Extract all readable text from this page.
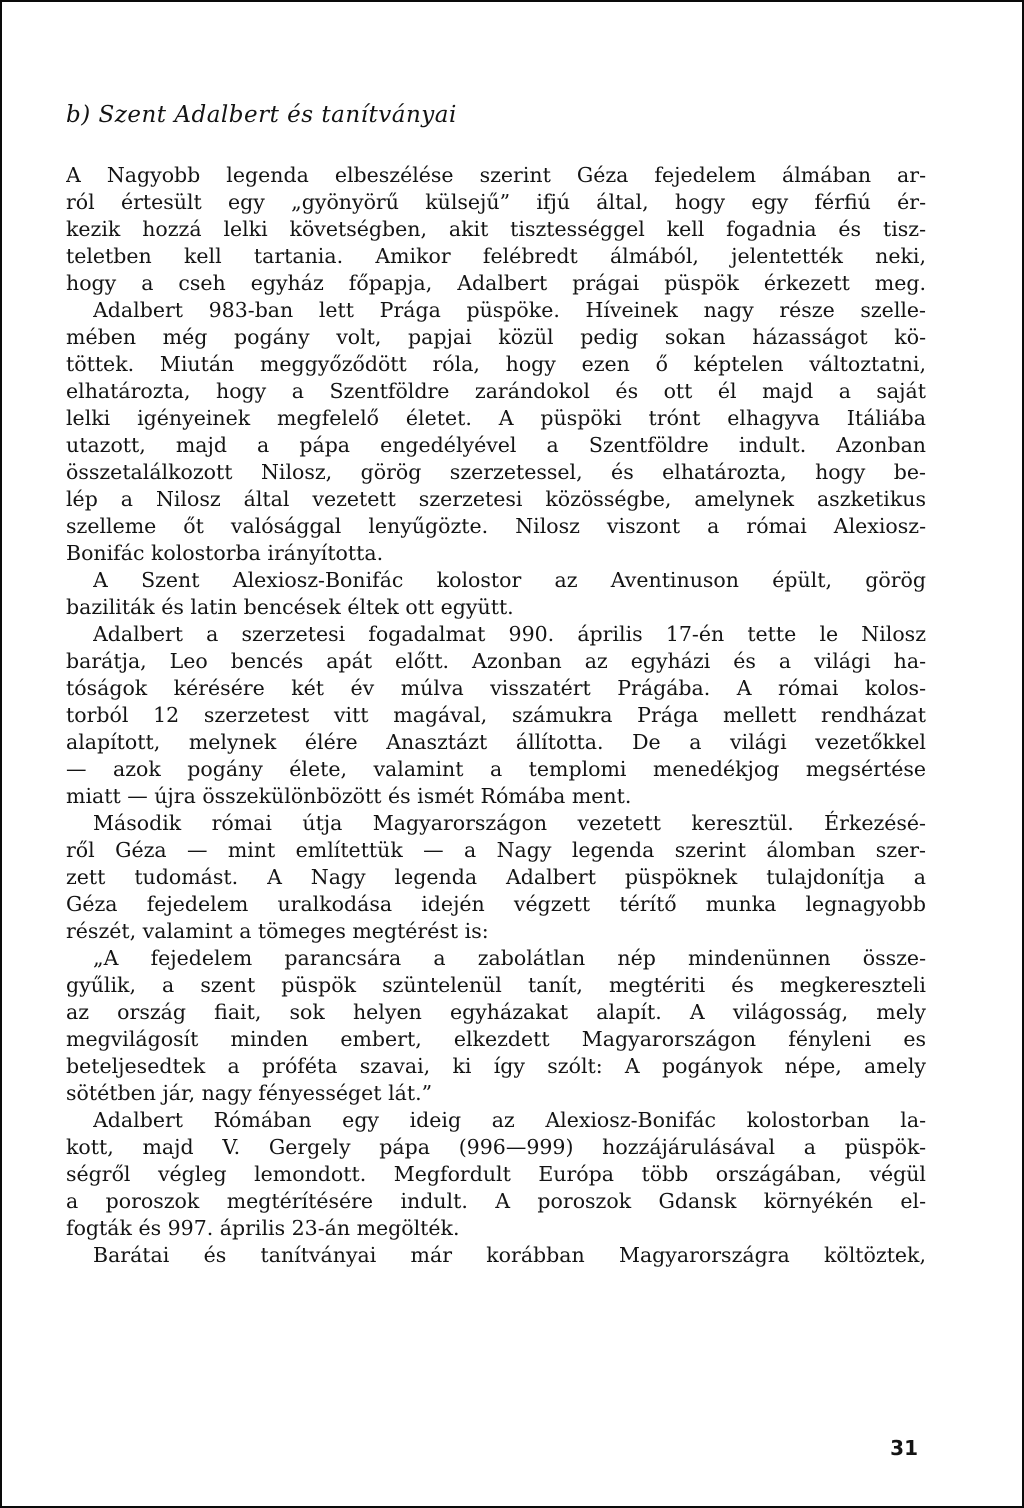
b) Szent Adalbert és tanítványai
A Nagyobb legenda elbeszélése szerint Géza fejedelem álmában ar-
ról értesült egy „gyönyörű külsejű” ifjú által, hogy egy férfiú ér-
kezik hozzá lelki követségben, akit tisztességgel kell fogadnia és tisz-
teletben kell tartania. Amikor felébredt álmából, jelentették neki,
hogy a cseh egyház főpapja, Adalbert prágai püspök érkezett meg.
Adalbert 983-ban lett Prága püspöke. Híveinek nagy része szelle-
mében még pogány volt, papjai közül pedig sokan házasságot kö-
töttek. Miután meggyőződött róla, hogy ezen ő képtelen változtatni,
elhatározta, hogy a Szentföldre zarándokol és ott él majd a saját
lelki igényeinek megfelelő életet. A püspöki trónt elhagyva Itáliába
utazott, majd a pápa engedélyével a Szentföldre indult. Azonban
összetalálkozott Nilosz, görög szerzetessel, és elhatározta, hogy be-
lép a Nilosz által vezetett szerzetesi közösségbe, amelynek aszketikus
szelleme őt valósággal lenyűgözte. Nilosz viszont a római Alexiosz-
Bonifác kolostorba irányította.
A Szent Alexiosz-Bonifác kolostor az Aventinuson épült, görög
baziliták és latin bencések éltek ott együtt.
Adalbert a szerzetesi fogadalmat 990. április 17-én tette le Nilosz
barátja, Leo bencés apát előtt. Azonban az egyházi és a világi ha-
tóságok kérésére két év múlva visszatért Prágába. A római kolos-
torból 12 szerzetest vitt magával, számukra Prága mellett rendházat
alapított, melynek élére Anasztázt állította. De a világi vezetőkkel
— azok pogány élete, valamint a templomi menedékjog megsértése
miatt — újra összekülönbözött és ismét Rómába ment.
Második római útja Magyarországon vezetett keresztül. Érkezésé-
ről Géza — mint említettük — a Nagy legenda szerint álomban szer-
zett tudomást. A Nagy legenda Adalbert püspöknek tulajdonítja a
Géza fejedelem uralkodása idején végzett térítő munka legnagyobb
részét, valamint a tömeges megtérést is:
„A fejedelem parancsára a zabolátlan nép mindenünnen össze-
gyűlik, a szent püspök szüntelenül tanít, megtériti és megkereszteli
az ország fiait, sok helyen egyházakat alapít. A világosság, mely
megvilágosít minden embert, elkezdett Magyarországon fényleni es
beteljesedtek a próféta szavai, ki így szólt: A pogányok népe, amely
sötétben jár, nagy fényességet lát.”
Adalbert Rómában egy ideig az Alexiosz-Bonifác kolostorban la-
kott, majd V. Gergely pápa (996—999) hozzájárulásával a püspök-
ségről végleg lemondott. Megfordult Európa több országában, végül
a poroszok megtérítésére indult. A poroszok Gdansk környékén el-
fogták és 997. április 23-án megölték.
Barátai és tanítványai már korábban Magyarországra költöztek,
31
